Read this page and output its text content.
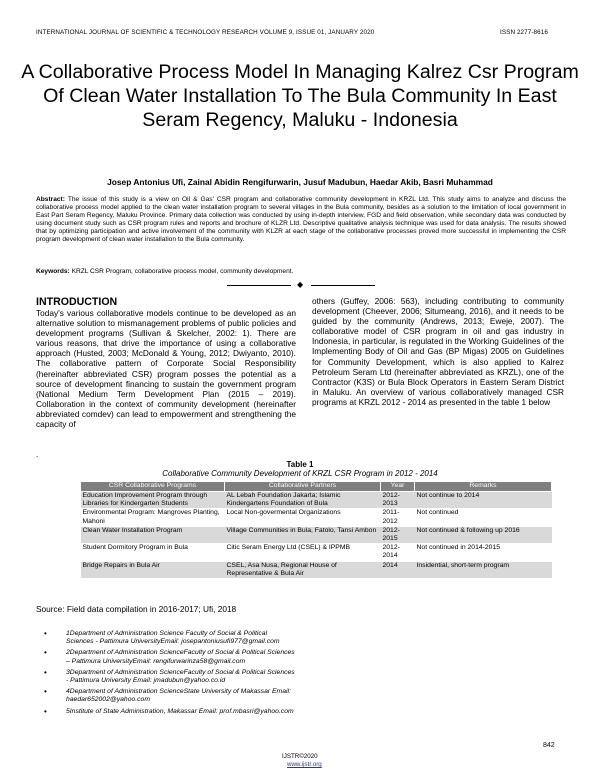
INTERNATIONAL JOURNAL OF SCIENTIFIC & TECHNOLOGY RESEARCH VOLUME 9, ISSUE 01, JANUARY 2020	ISSN 2277-8616
A Collaborative Process Model In Managing Kalrez Csr Program Of Clean Water Installation To The Bula Community In East Seram Regency, Maluku - Indonesia
Josep Antonius Ufi, Zainal Abidin Rengifurwarin, Jusuf Madubun, Haedar Akib, Basri Muhammad
Abstract: The issue of this study is a view on Oil & Gas' CSR program and collaborative community development in KRZL Ltd. This study aims to analyze and discuss the collaborative process model applied to the clean water installation program to several villages in the Bula community, besides as a solution to the limitation of local government in East Part Seram Regency, Maluku Province. Primary data collection was conducted by using in-depth interview, FGD and field observation, while secondary data was conducted by using document study such as CSR program rules and reports and brochure of KLZR Ltd. Descriptive qualitative analysis technique was used for data analysis. The results showed that by optimizing participation and active involvement of the community with KLZR at each stage of the collaborative processes proved more successful in implementing the CSR program development of clean water installation to the Bula community.
Keywords: KRZL CSR Program, collaborative process model, community development.
◆
INTRODUCTION

Today's various collaborative models continue to be developed as an alternative solution to mismanagement problems of public policies and development programs (Sullivan & Skelcher, 2002: 1). There are various reasons, that drive the importance of using a collaborative approach (Husted, 2003; McDonald & Young, 2012; Dwiyanto, 2010). The collaborative pattern of Corporate Social Responsibility (hereinafter abbreviated CSR) program posses the potential as a source of development financing to sustain the government program (National Medium Term Development Plan (2015 – 2019). Collaboration in the context of community development (hereinafter abbreviated comdev) can lead to empowerment and strengthening the capacity of

.

others (Guffey, 2006: 563), including contributing to community development (Cheever, 2006; Situmeang, 2016), and it needs to be guided by the community (Andrews, 2013; Eweje, 2007). The collaborative model of CSR program in oil and gas industry in Indonesia, in particular, is regulated in the Working Guidelines of the Implementing Body of Oil and Gas (BP Migas) 2005 on Guidelines for Community Development, which is also applied to Kalrez Petroleum Seram Ltd (hereinafter abbreviated as KRZL), one of the Contractor (K3S) or Bula Block Operators in Eastern Seram District in Maluku. An overview of various collaboratively managed CSR programs at KRZL 2012 - 2014 as presented in the table 1 below

Table 1
Collaborative Community Development of KRZL CSR Program in 2012 - 2014
CSR Collaborative Programs	Collaborative Partners	Year	Remarks
Education Improvement Program through Libraries for Kindergarten Students	AL Lebah Foundation Jakarta; Islamic Kindergartens Foundation of Bula	2012-2013	Not continue to 2014
Environmental Program: Mangroves Planting, Mahoni	Local Non-govermental Organizations	2011-2012	Not continued
Clean Water Installation Program	Village Communities in Bula, Fatolo, Tansi Ambon	2012-2015	Not continued & following up 2016
Student Dormitory Program in Bula	Citic Seram Energy Ltd (CSEL) & IPPMB	2012-2014	Not continued in 2014-2015
Bridge Repairs in Bula Air	CSEL, Asa Nusa, Regional House of Representative & Bula Air	2014	Insidential, short-term program
Source: Field data compilation in 2016-2017; Ufi, 2018
• 1Department of Administration Science Faculty of Social & Political Sciences - Pattimura UniversityEmail: josepantoniusufi977@gmail.com
• 2Department of Administration ScienceFaculty of Social & Political Sciences – Pattimura UniversityEmail: rengifurwarinza58@gmail.com
• 3Department of Administration ScienceFaculty of Social & Political Sciences - Pattimura University Email: jmadubun@yahoo.co.id
• 4Department of Administration ScienceState University of Makassar Email: haedar652002@yahoo.com
• 5Institute of State Administration, Makassar Email: prof.mbasri@yahoo.com
842
IJSTR©2020
www.ijstr.org
